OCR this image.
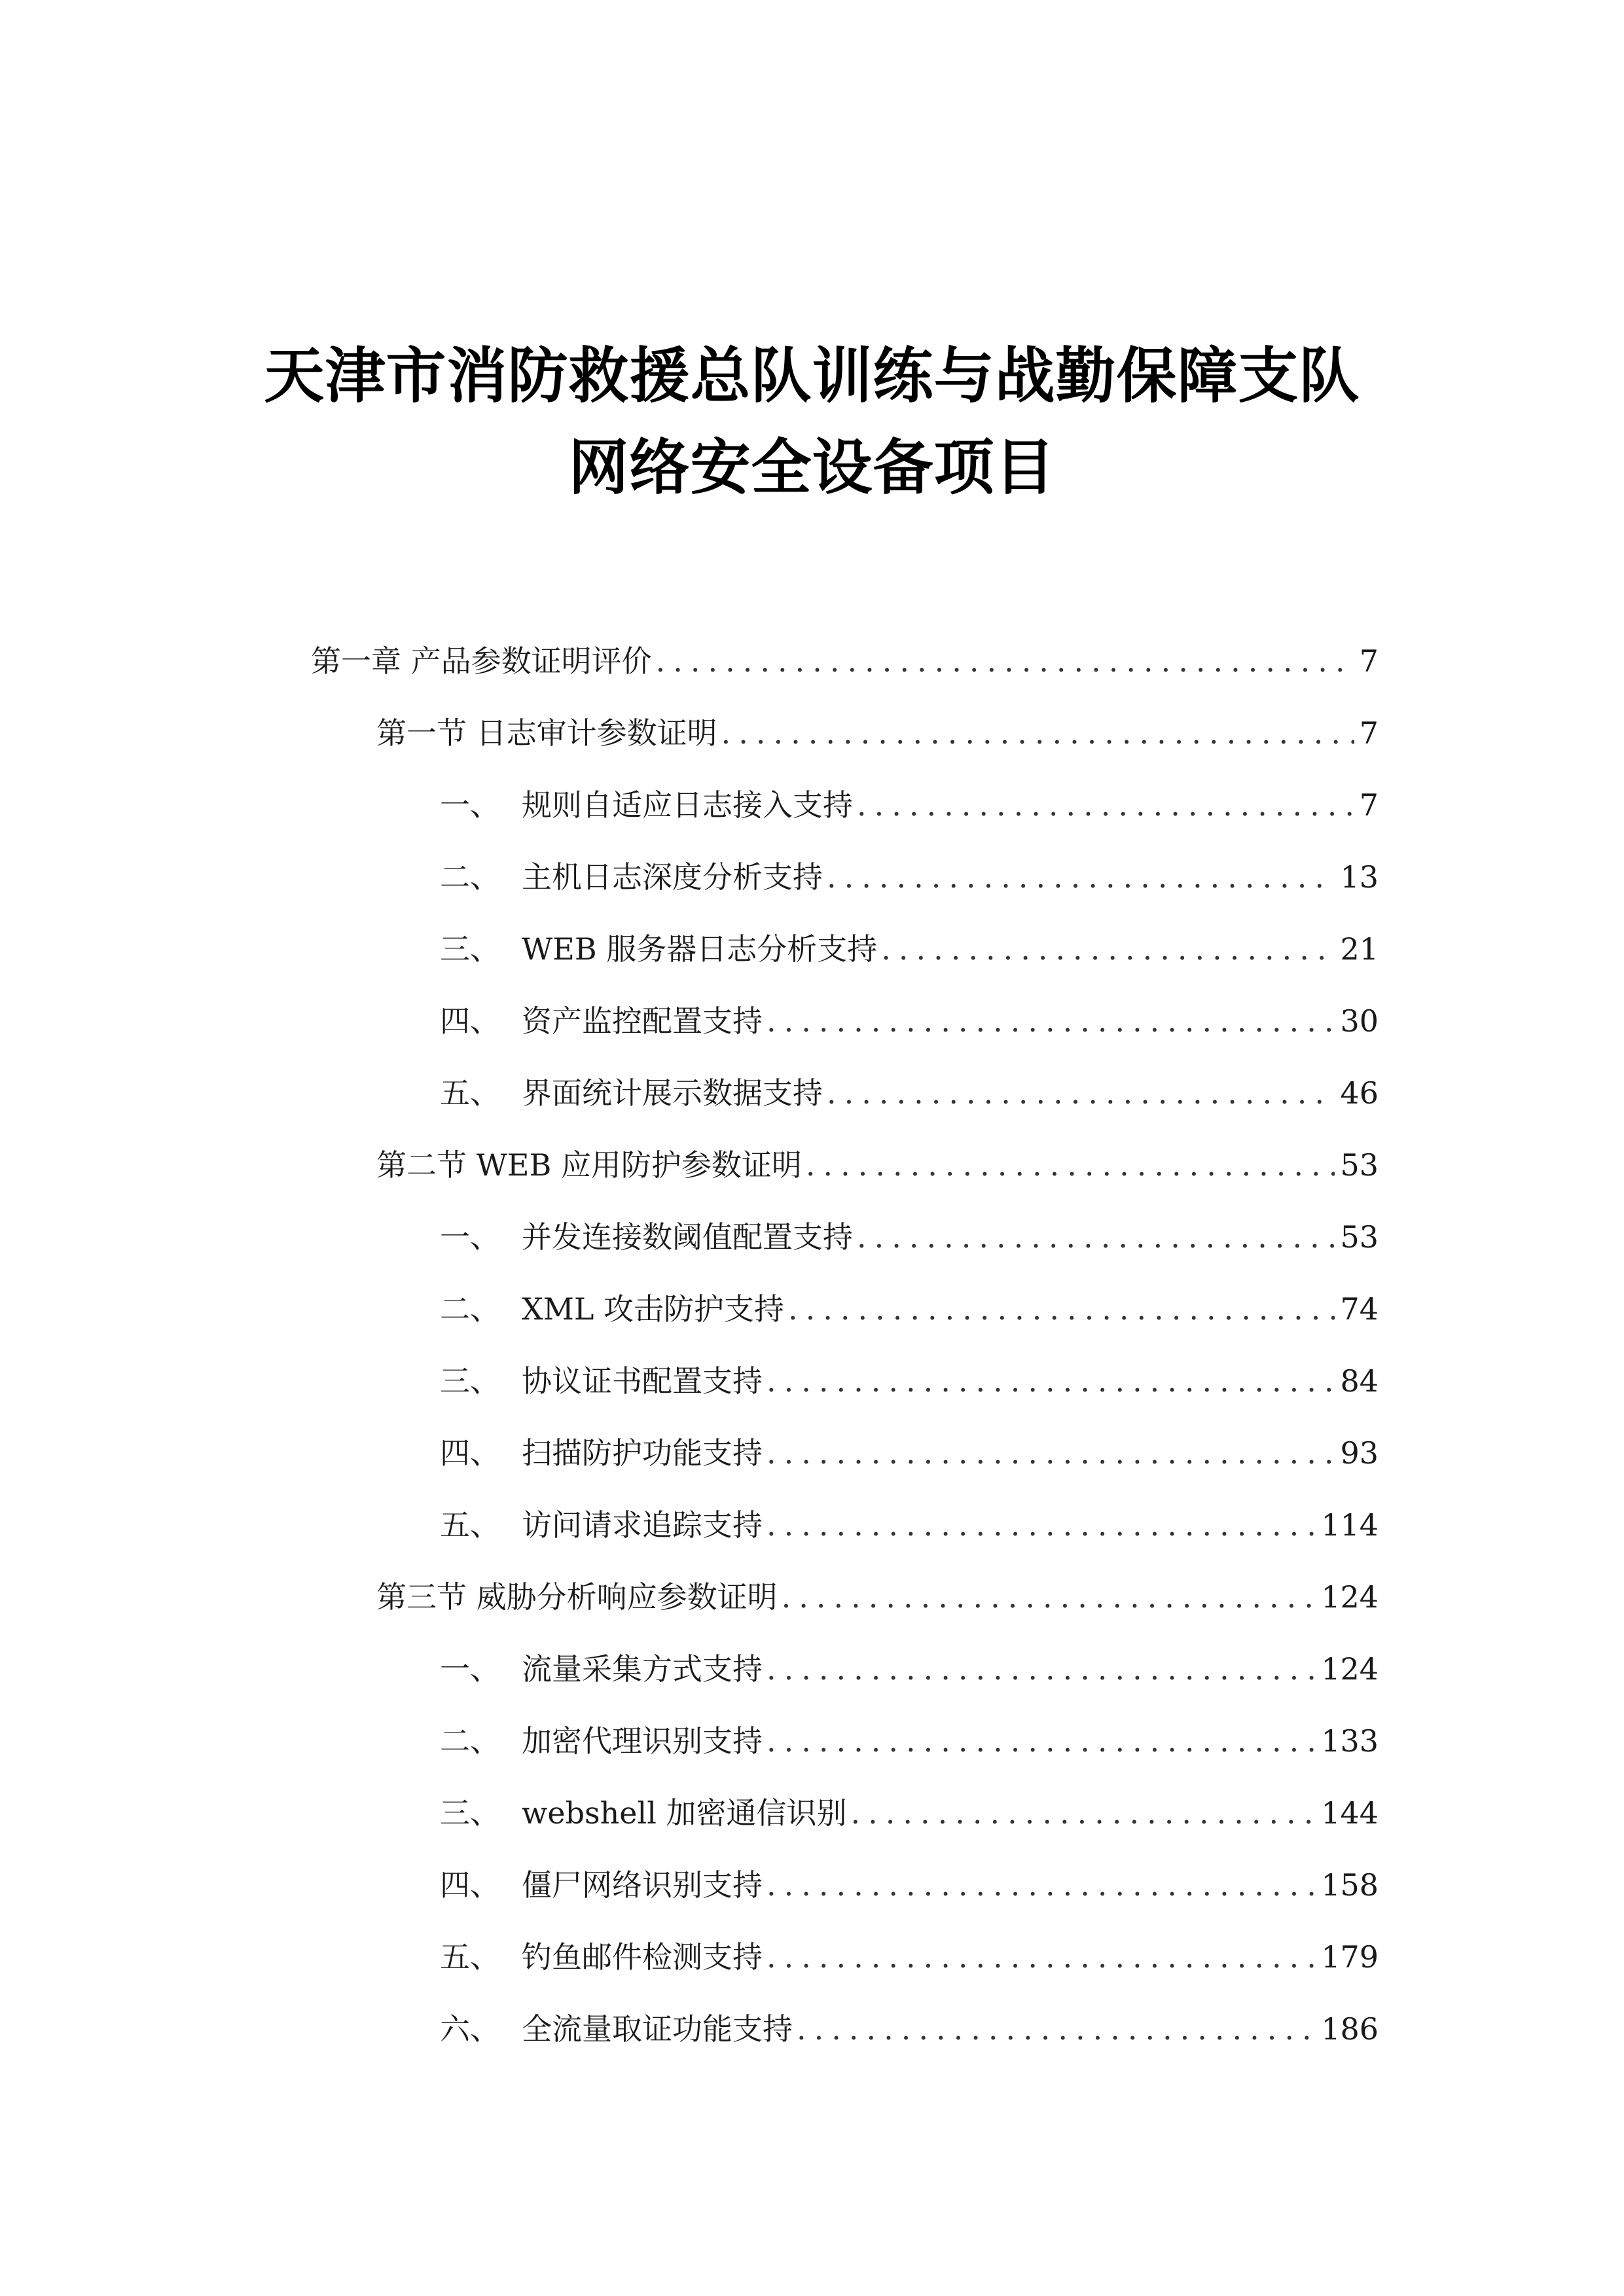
天津市消防救援总队训练与战勤保障支队
网络安全设备项目
第一章 产品参数证明评价 .....	7
第一节 日志审计参数证明 .....	7
一、 规则自适应日志接入支持 .....	7
二、 主机日志深度分析支持 .....	13
三、 WEB 服务器日志分析支持 .....	21
四、 资产监控配置支持 .....	30
五、 界面统计展示数据支持 .....	46
第二节 WEB 应用防护参数证明 .....	53
一、 并发连接数阈值配置支持 .....	53
二、 XML 攻击防护支持 .....	74
三、 协议证书配置支持 .....	84
四、 扫描防护功能支持 .....	93
五、 访问请求追踪支持 .....	114
第三节 威胁分析响应参数证明 .....	124
一、 流量采集方式支持 .....	124
二、 加密代理识别支持 .....	133
三、 webshell 加密通信识别 .....	144
四、 僵尸网络识别支持 .....	158
五、 钓鱼邮件检测支持 .....	179
六、 全流量取证功能支持 .....	186
